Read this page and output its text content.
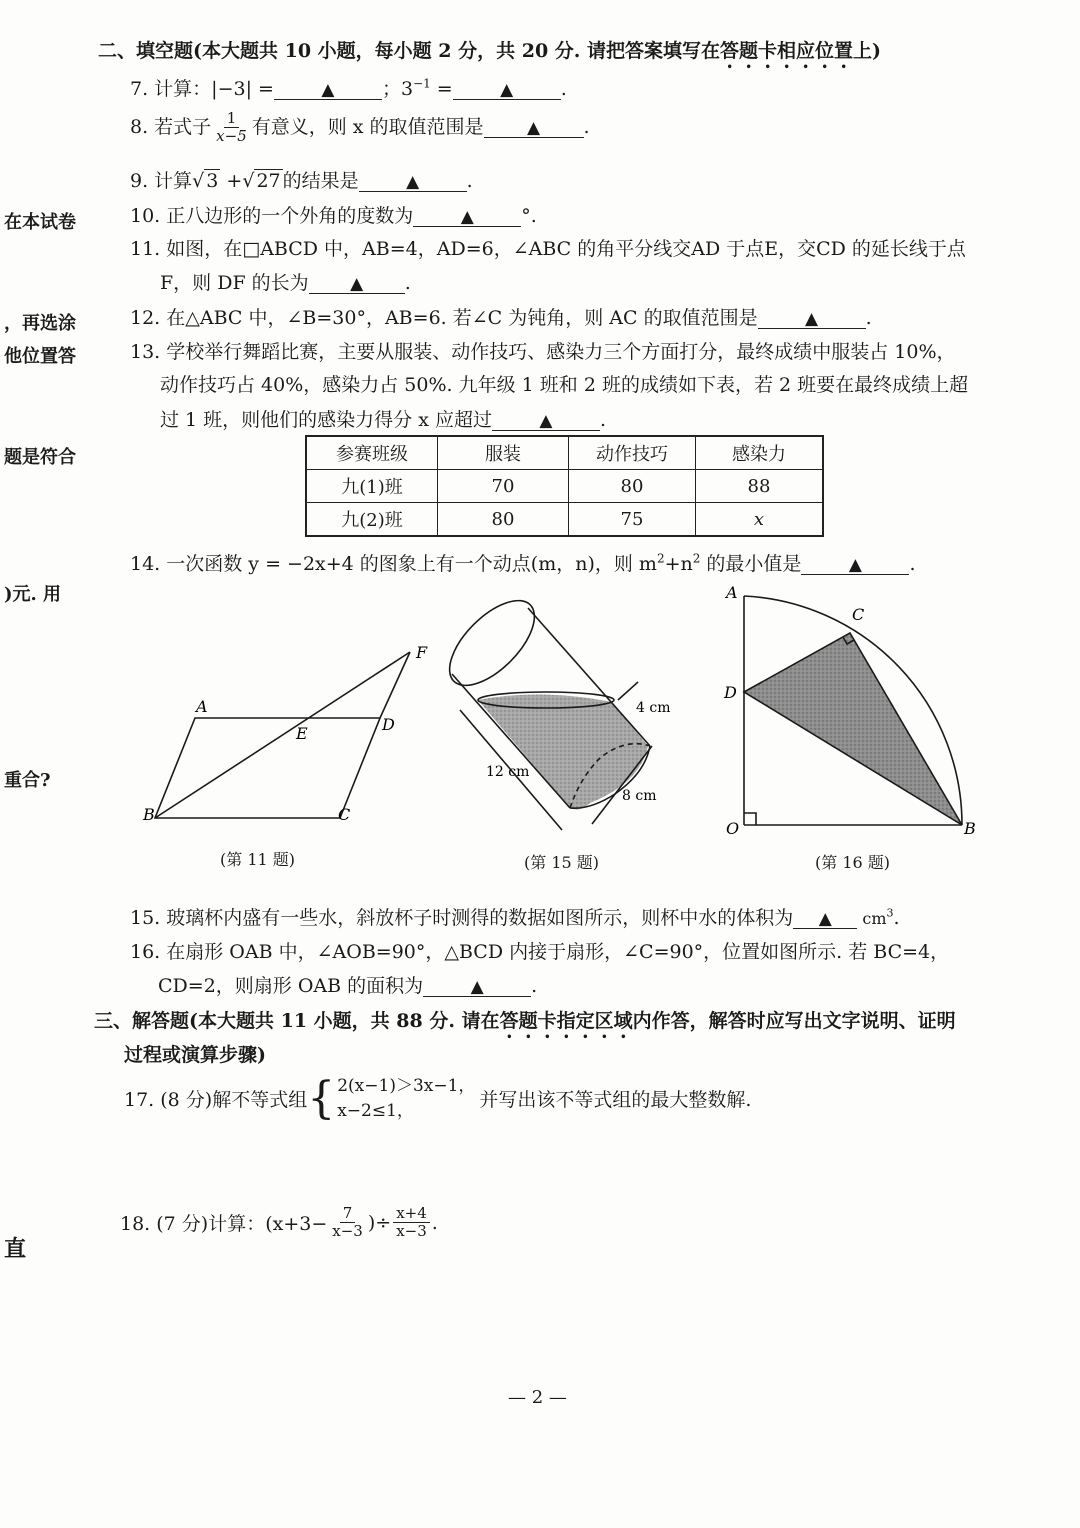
在本试卷
，再选涂
他位置答
题是符合
)元. 用
重合?
直
二、填空题(本大题共 10 小题，每小题 2 分，共 20 分. 请把答案填写在答题卡相应位置上)
7. 计算：|−3| =	▲ ；$3^{-1}$ =	▲ .
8. 若式子 $\frac{1}{x-5}$ 有意义，则 x 的取值范围是	▲ .
9. 计算√ 3 +√ 27 的结果是	▲ .
10. 正八边形的一个外角的度数为	▲ °.
11. 如图，在□ABCD 中，AB=4，AD=6，∠ABC 的角平分线交AD 于点E，交CD 的延长线于点
F，则 DF 的长为 ▲ .
12. 在△ABC 中，∠B=30°，AB=6. 若∠C 为钝角，则 AC 的取值范围是	▲ .
13. 学校举行舞蹈比赛，主要从服装、动作技巧、感染力三个方面打分，最终成绩中服装占 10%，
动作技巧占 40%，感染力占 50%. 九年级 1 班和 2 班的成绩如下表，若 2 班要在最终成绩上超
过 1 班，则他们的感染力得分 x 应超过	▲ .
参赛班级	服装	动作技巧	感染力
九(1)班	70	80	88
九(2)班	80	75	x
14. 一次函数 y = −2x+4 的图象上有一个动点(m，n)，则 $m^2+n^2$ 的最小值是	▲ .
A
B	C
D
E
F
(第 11 题)
12 cm
4 cm
8 cm
(第 15 题)
A
C
D
O	B
(第 16 题)
15. 玻璃杯内盛有一些水，斜放杯子时测得的数据如图所示，则杯中水的体积为 ▲ $cm^3$.
16. 在扇形 OAB 中，∠AOB=90°，△BCD 内接于扇形，∠C=90°，位置如图所示. 若 BC=4，
CD=2，则扇形 OAB 的面积为	▲ .
三、解答题(本大题共 11 小题，共 88 分. 请在答题卡指定区域内作答，解答时应写出文字说明、证明
过程或演算步骤)
17. (8 分)解不等式组 { 2(x−1)＞3x−1，
x−2≤1，	并写出该不等式组的最大整数解.
18. (7 分)计算：($x+3- \frac{7}{x-3}$ )÷ $\frac{x+4}{x-3}$ .
— 2 —
